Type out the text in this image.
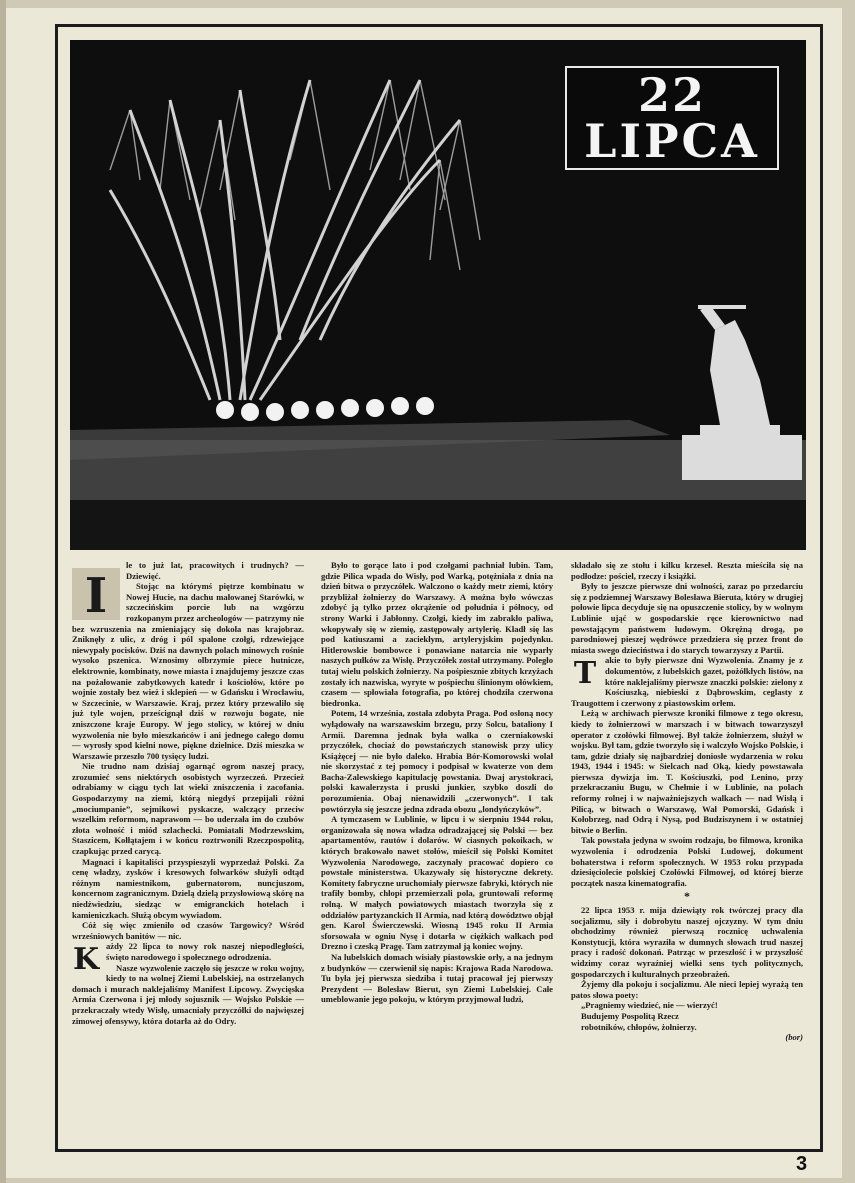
22
LIPCA

I
le to już lat, pracowitych i trudnych? — Dziewięć.

Stojąc na którymś piętrze kombinatu w Nowej Hucie, na dachu małowanej Starówki, w szczecińskim porcie lub na wzgórzu rozkopanym przez archeologów — patrzymy nie bez wzruszenia na zmieniający się dokoła nas krajobraz. Zniknęły z ulic, z dróg i pól spalone czołgi, rdzewiejące niewypały pocisków. Dziś na dawnych polach minowych rośnie wysoko pszenica. Wznosimy olbrzymie piece hutnicze, elektrownie, kombinaty, nowe miasta i znajdujemy jeszcze czas na pożałowanie zabytkowych katedr i kościołów, które po wojnie zostały bez wież i sklepień — w Gdańsku i Wrocławiu, w Szczecinie, w Warszawie. Kraj, przez który przewaliło się już tyle wojen, prześcignął dziś w rozwoju bogate, nie zniszczone kraje Europy. W jego stolicy, w której w dniu wyzwolenia nie było mieszkańców i ani jednego całego domu — wyrosły spod kielni nowe, piękne dzielnice. Dziś mieszka w Warszawie przeszło 700 tysięcy ludzi.

Nie trudno nam dzisiaj ogarnąć ogrom naszej pracy, zrozumieć sens niektórych osobistych wyrzeczeń. Przecież odrabiamy w ciągu tych lat wieki zniszczenia i zacofania. Gospodarzymy na ziemi, którą niegdyś przepijali różni „mociumpanie”, sejmikowi pyskacze, walczący przeciw wszelkim reformom, naprawom — bo uderzała im do czubów złota wolność i miód szlachecki. Pomiatali Modrzewskim, Staszicem, Kołłątajem i w końcu roztrwonili Rzeczpospolitą, czapkując przed carycą.

Magnaci i kapitaliści przyspieszyli wyprzedaż Polski. Za cenę władzy, zysków i kresowych folwarków służyli odtąd różnym namiestnikom, gubernatorom, nuncjuszom, koncernom zagranicznym. Dzielą dzielą przysłowiową skórę na niedźwiedziu, siedząc w emigranckich hotelach i kamieniczkach. Służą obcym wywiadom.

Cóż się więc zmieniło od czasów Targowicy? Wśród wrześniowych banitów — nic.

Każdy 22 lipca to nowy rok naszej niepodległości, święto narodowego i społecznego odrodzenia.

Nasze wyzwolenie zaczęło się jeszcze w roku wojny, kiedy to na wolnej Ziemi Lubelskiej, na ostrzelanych domach i murach naklejaliśmy Manifest Lipcowy. Zwycięska Armia Czerwona i jej młody sojusznik — Wojsko Polskie — przekraczały wtedy Wisłę, umacniały przyczółki do najwięszej zimowej ofensywy, która dotarła aż do Odry.

Było to gorące lato i pod czołgami pachniał lubin. Tam, gdzie Pilica wpada do Wisły, pod Warką, potężniała z dnia na dzień bitwa o przyczółek. Walczono o każdy metr ziemi, który przybliżał żołnierzy do Warszawy. A można było wówczas zdobyć ją tylko przez okrążenie od południa i północy, od strony Warki i Jabłonny. Czołgi, kiedy im zabrakło paliwa, wkopywały się w ziemię, zastępowały artylerię. Kładł się las pod katiuszami a zaciekłym, artyleryjskim pojedynku. Hitlerowskie bombowce i ponawiane natarcia nie wyparły naszych pułków za Wisłę. Przyczółek został utrzymany. Poległo tutaj wielu polskich żołnierzy. Na pośpiesznie zbitych krzyżach zostały ich nazwiska, wyryte w pośpiechu ślinionym ołówkiem, czasem — spłowiała fotografia, po której chodziła czerwona biedronka.

Potem, 14 września, została zdobyta Praga. Pod osłoną nocy wyłądowały na warszawskim brzegu, przy Solcu, bataliony I Armii. Daremna jednak była walka o czerniakowski przyczółek, chociaż do powstańczych stanowisk przy ulicy Książęcej — nie było daleko. Hrabia Bór-Komorowski wolał nie skorzystać z tej pomocy i podpisał w kwaterze von dem Bacha-Zalewskiego kapitulację powstania. Dwaj arystokraci, polski kawalerzysta i pruski junkier, szybko doszli do porozumienia. Obaj nienawidzili „czerwonych”. I tak powtórzyła się jeszcze jedna zdrada obozu „londyńczyków”.

A tymczasem w Lublinie, w lipcu i w sierpniu 1944 roku, organizowała się nowa władza odradzającej się Polski — bez apartamentów, rautów i dolarów. W ciasnych pokoikach, w których brakowało nawet stołów, mieścił się Polski Komitet Wyzwolenia Narodowego, zaczynały pracować dopiero co powstałe ministerstwa. Ukazywały się historyczne dekrety. Komitety fabryczne uruchomiały pierwsze fabryki, których nie trafiły bomby, chłopi przemierzali pola, gruntowali reformę rolną. W małych powiatowych miastach tworzyła się z oddziałów partyzanckich II Armia, nad którą dowództwo objął gen. Karol Świerczewski. Wiosną 1945 roku II Armia sforsowała w ogniu Nysę i dotarła w ciężkich walkach pod Drezno i czeską Pragę. Tam zatrzymał ją koniec wojny.

Na lubelskich domach wisiały piastowskie orły, a na jednym z budynków — czerwienił się napis: Krajowa Rada Narodowa. Tu była jej pierwsza siedziba i tutaj pracował jej pierwszy Prezydent — Bolesław Bierut, syn Ziemi Lubelskiej. Całe umeblowanie jego pokoju, w którym przyjmował ludzi,

składało się ze stołu i kilku krzeseł. Reszta mieściła się na podłodze: pościel, rzeczy i książki.

Były to jeszcze pierwsze dni wolności, zaraz po przedarciu się z podziemnej Warszawy Bolesława Bieruta, który w drugiej połowie lipca decyduje się na opuszczenie stolicy, by w wolnym Lublinie ująć w gospodarskie ręce kierownictwo nad powstającym państwem ludowym. Okrężną drogą, po parodniowej pieszej wędrówce przedziera się przez front do miasta swego dzieciństwa i do starych towarzyszy z Partii.

T	akie to były pierwsze dni Wyzwolenia. Znamy je z dokumentów, z lubelskich gazet, pożółkłych listów, na które naklejaliśmy pierwsze znaczki polskie: zielony z Kościuszką, niebieski z Dąbrowskim, ceglasty z Traugottem i czerwony z piastowskim orłem.

Leżą w archiwach pierwsze kroniki filmowe z tego okresu, kiedy to żołnierzowi w marszach i w bitwach towarzyszył operator z czołówki filmowej. Był także żołnierzem, służył w wojsku. Był tam, gdzie tworzyło się i walczyło Wojsko Polskie, i tam, gdzie działy się najbardziej doniosłe wydarzenia w roku 1943, 1944 i 1945: w Sielcach nad Oką, kiedy powstawała pierwsza dywizja im. T. Kościuszki, pod Lenino, przy przekraczaniu Bugu, w Chełmie i w Lublinie, na polach reformy rolnej i w najważniejszych walkach — nad Wisłą i Pilicą, w bitwach o Warszawę, Wał Pomorski, Gdańsk i Kołobrzeg, nad Odrą i Nysą, pod Budziszynem i w ostatniej bitwie o Berlin.

Tak powstała jedyna w swoim rodzaju, bo filmowa, kronika wyzwolenia i odrodzenia Polski Ludowej, dokument bohaterstwa i reform społecznych. W 1953 roku przypada dziesięciolecie polskiej Czołówki Filmowej, od której bierze początek nasza kinematografia.

*

22 lipca 1953 r. mija dziewiąty rok twórczej pracy dla socjalizmu, siły i dobrobytu naszej ojczyzny. W tym dniu obchodzimy również pierwszą rocznicę uchwalenia Konstytucji, która wyraziła w dumnych słowach trud naszej pracy i radość dokonań. Patrząc w przeszłość i w przyszłość widzimy coraz wyraźniej wielki sens tych politycznych, gospodarczych i kulturalnych przeobrażeń.

Żyjemy dla pokoju i socjalizmu. Ale nieci lepiej wyrażą ten patos słowa poety:

„Pragniemy wiedzieć, nie — wierzyć!

Budujemy Pospolitą Rzecz

robotników, chłopów, żołnierzy.

(bor)

3
